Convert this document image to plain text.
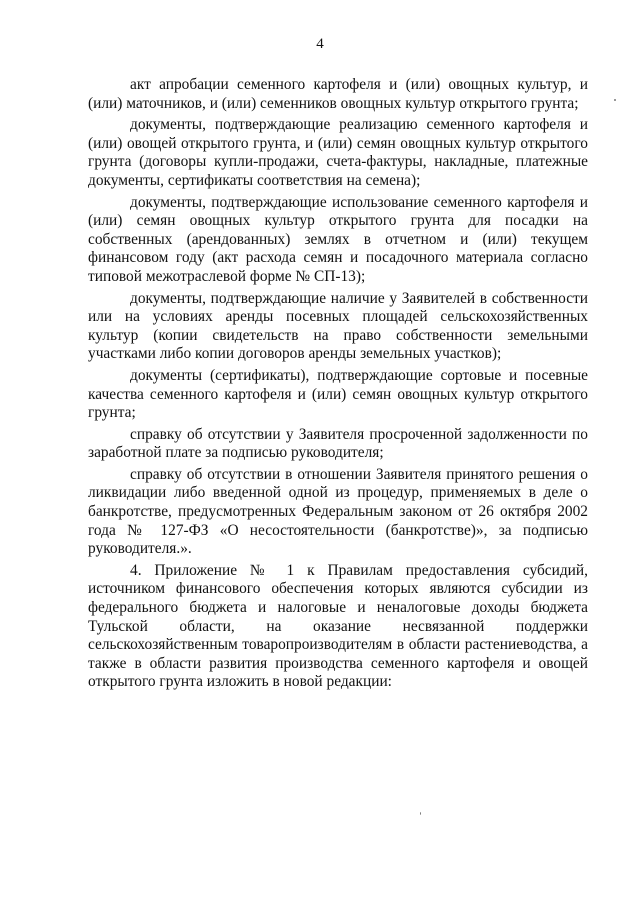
4

акт апробации семенного картофеля и (или) овощных культур, и (или) маточников, и (или) семенников овощных культур открытого грунта;

документы, подтверждающие реализацию семенного картофеля и (или) овощей открытого грунта, и (или) семян овощных культур открытого грунта (договоры купли-продажи, счета-фактуры, накладные, платежные документы, сертификаты соответствия на семена);

документы, подтверждающие использование семенного картофеля и (или) семян овощных культур открытого грунта для посадки на собственных (арендованных) землях в отчетном и (или) текущем финансовом году (акт расхода семян и посадочного материала согласно типовой межотраслевой форме № СП-13);

документы, подтверждающие наличие у Заявителей в собственности или на условиях аренды посевных площадей сельскохозяйственных культур (копии свидетельств на право собственности земельными участками либо копии договоров аренды земельных участков);

документы (сертификаты), подтверждающие сортовые и посевные качества семенного картофеля и (или) семян овощных культур открытого грунта;

справку об отсутствии у Заявителя просроченной задолженности по заработной плате за подписью руководителя;

справку об отсутствии в отношении Заявителя принятого решения о ликвидации либо введенной одной из процедур, применяемых в деле о банкротстве, предусмотренных Федеральным законом от 26 октября 2002 года № 127-ФЗ «О несостоятельности (банкротстве)», за подписью руководителя.».

4. Приложение № 1 к Правилам предоставления субсидий, источником финансового обеспечения которых являются субсидии из федерального бюджета и налоговые и неналоговые доходы бюджета Тульской области, на оказание несвязанной поддержки сельскохозяйственным товаропроизводителям в области растениеводства, а также в области развития производства семенного картофеля и овощей открытого грунта изложить в новой редакции:
